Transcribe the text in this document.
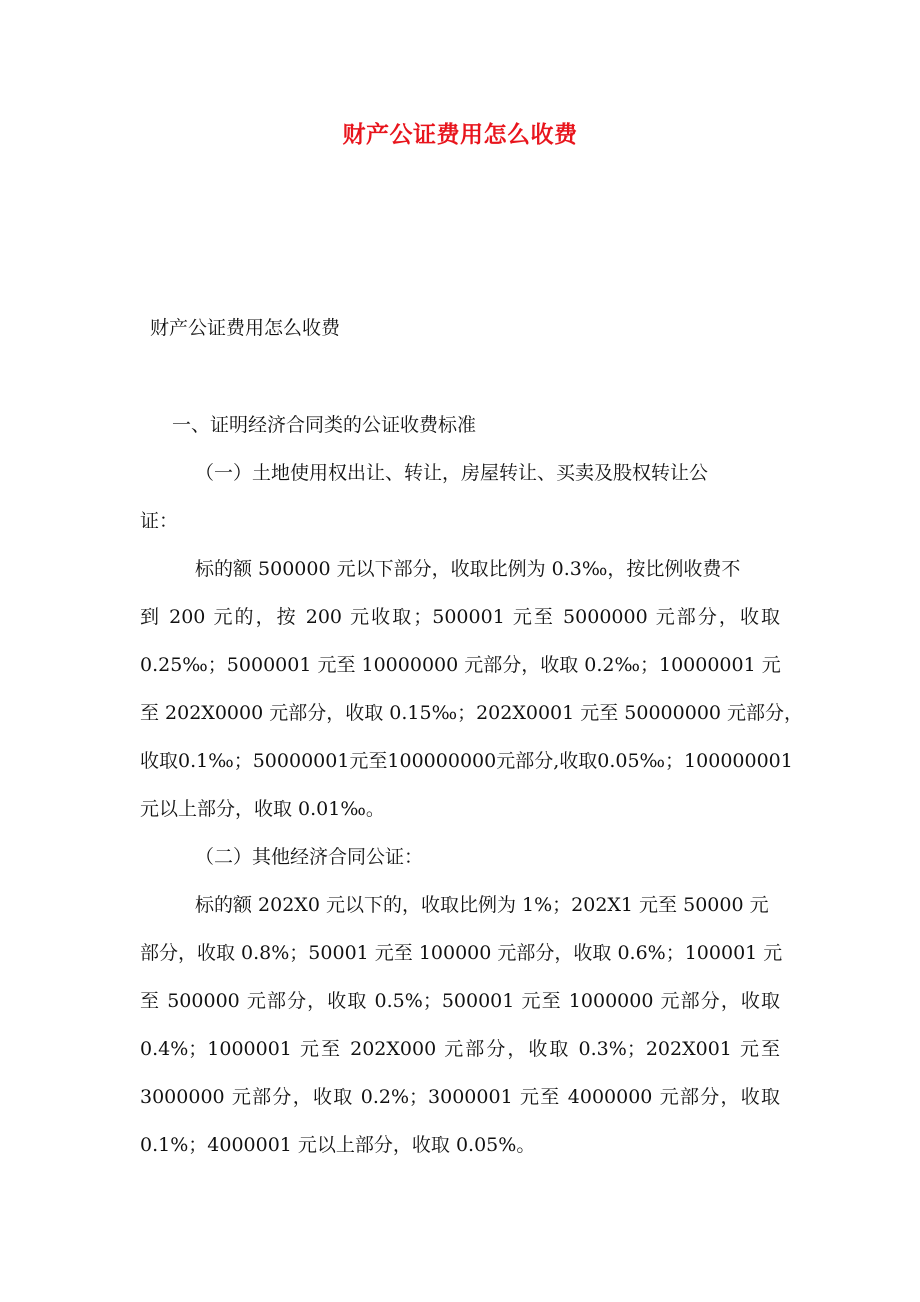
财产公证费用怎么收费
财产公证费用怎么收费
一、证明经济合同类的公证收费标准
（一）土地使用权出让、转让，房屋转让、买卖及股权转让公
证：
标的额 500000 元以下部分，收取比例为 0.3‰，按比例收费不
到 200 元的，按 200 元收取；500001 元至 5000000 元部分，收取
0.25‰；5000001 元至 10000000 元部分，收取 0.2‰；10000001 元
至 202X0000 元部分，收取 0.15‰；202X0001 元至 50000000 元部分，
收取0.1‰；50000001元至100000000元部分,收取0.05‰；100000001
元以上部分，收取 0.01‰。
（二）其他经济合同公证：
标的额 202X0 元以下的，收取比例为 1%；202X1 元至 50000 元
部分，收取 0.8%；50001 元至 100000 元部分，收取 0.6%；100001 元
至 500000 元部分，收取 0.5%；500001 元至 1000000 元部分，收取
0.4%；1000001 元至 202X000 元部分，收取 0.3%；202X001 元至
3000000 元部分，收取 0.2%；3000001 元至 4000000 元部分，收取
0.1%；4000001 元以上部分，收取 0.05%。
